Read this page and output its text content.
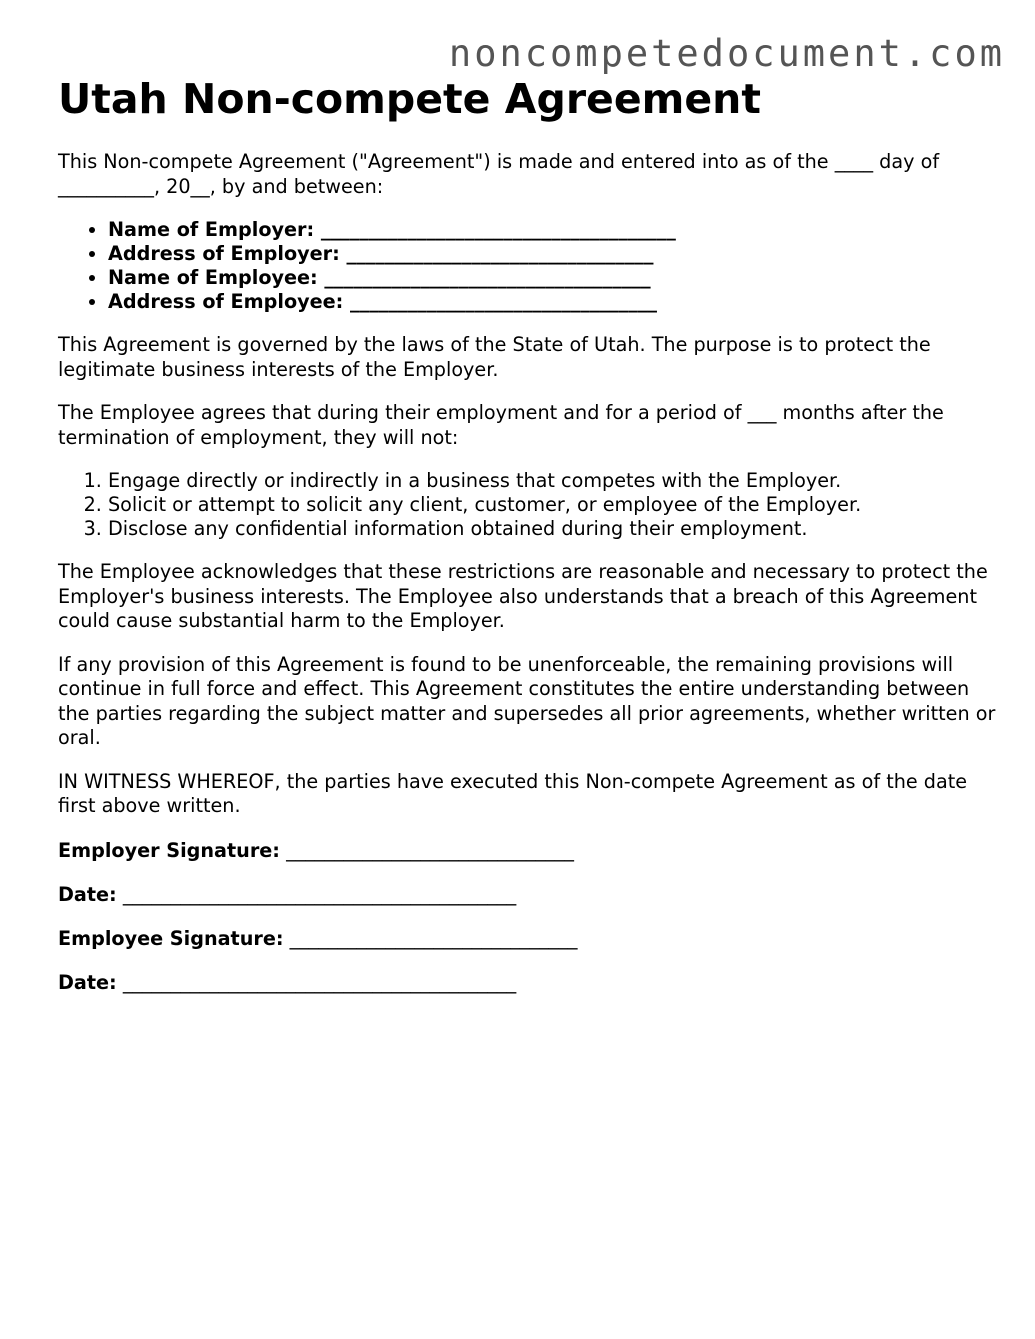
noncompetedocument.com
Utah Non-compete Agreement

This Non-compete Agreement ("Agreement") is made and entered into as of the ____ day of __________, 20__, by and between:

• Name of Employer: _____________________________________
• Address of Employer: ________________________________
• Name of Employee: __________________________________
• Address of Employee: ________________________________

This Agreement is governed by the laws of the State of Utah. The purpose is to protect the legitimate business interests of the Employer.

The Employee agrees that during their employment and for a period of ___ months after the termination of employment, they will not:

1. Engage directly or indirectly in a business that competes with the Employer.
2. Solicit or attempt to solicit any client, customer, or employee of the Employer.
3. Disclose any confidential information obtained during their employment.

The Employee acknowledges that these restrictions are reasonable and necessary to protect the Employer's business interests. The Employee also understands that a breach of this Agreement could cause substantial harm to the Employer.

If any provision of this Agreement is found to be unenforceable, the remaining provisions will continue in full force and effect. This Agreement constitutes the entire understanding between the parties regarding the subject matter and supersedes all prior agreements, whether written or oral.

IN WITNESS WHEREOF, the parties have executed this Non-compete Agreement as of the date first above written.

Employer Signature: ______________________________
Date: _________________________________________
Employee Signature: ______________________________
Date: _________________________________________
